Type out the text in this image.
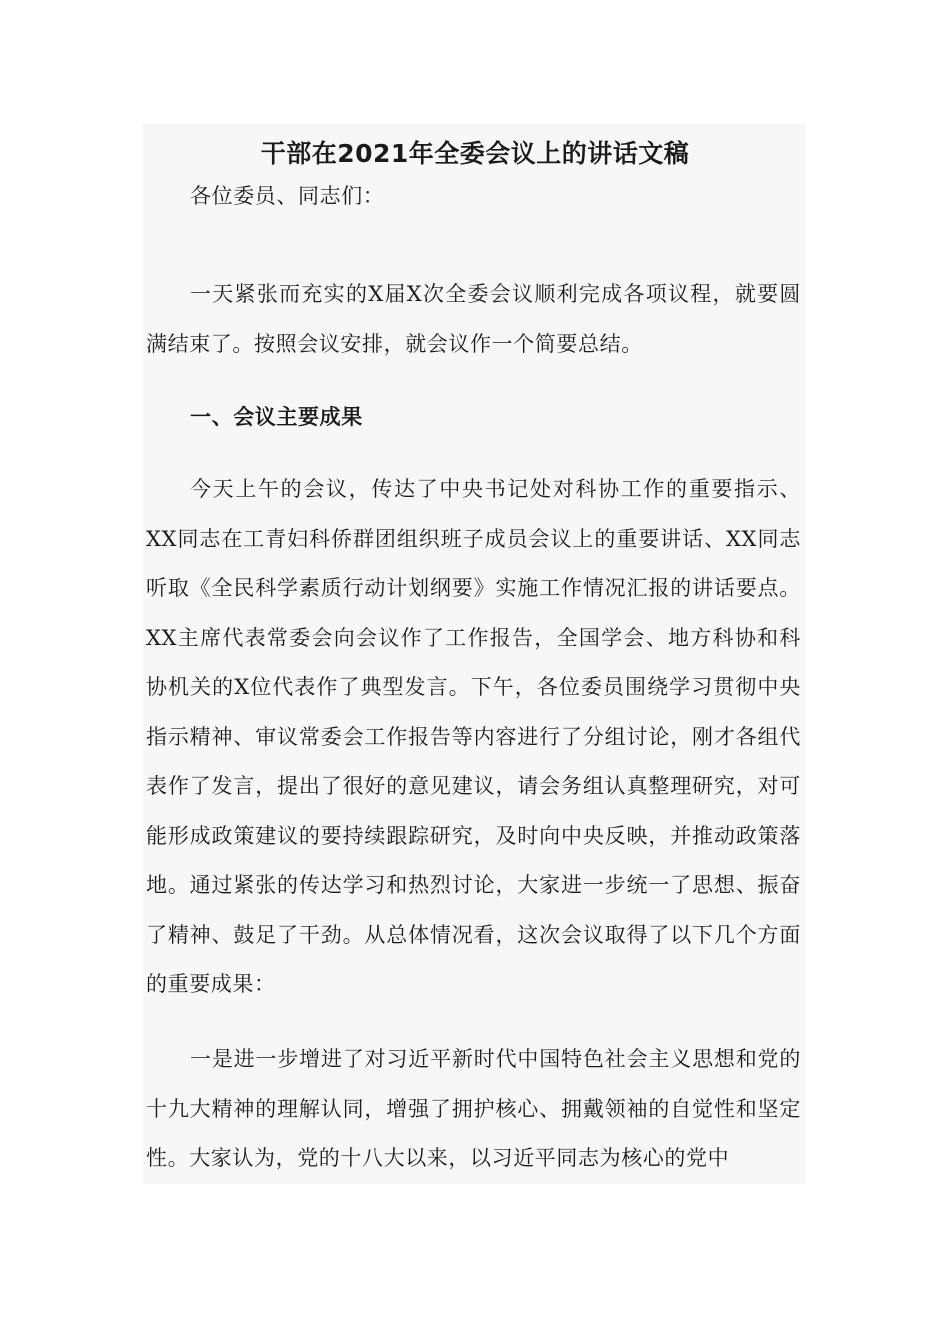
干部在2021年全委会议上的讲话文稿

各位委员、同志们：

一天紧张而充实的X届X次全委会议顺利完成各项议程，就要圆满结束了。按照会议安排，就会议作一个简要总结。

一、会议主要成果

今天上午的会议，传达了中央书记处对科协工作的重要指示、XX同志在工青妇科侨群团组织班子成员会议上的重要讲话、XX同志听取《全民科学素质行动计划纲要》实施工作情况汇报的讲话要点。XX主席代表常委会向会议作了工作报告，全国学会、地方科协和科协机关的X位代表作了典型发言。下午，各位委员围绕学习贯彻中央指示精神、审议常委会工作报告等内容进行了分组讨论，刚才各组代表作了发言，提出了很好的意见建议，请会务组认真整理研究，对可能形成政策建议的要持续跟踪研究，及时向中央反映，并推动政策落地。通过紧张的传达学习和热烈讨论，大家进一步统一了思想、振奋了精神、鼓足了干劲。从总体情况看，这次会议取得了以下几个方面的重要成果：

一是进一步增进了对习近平新时代中国特色社会主义思想和党的十九大精神的理解认同，增强了拥护核心、拥戴领袖的自觉性和坚定性。大家认为，党的十八大以来，以习近平同志为核心的党中
